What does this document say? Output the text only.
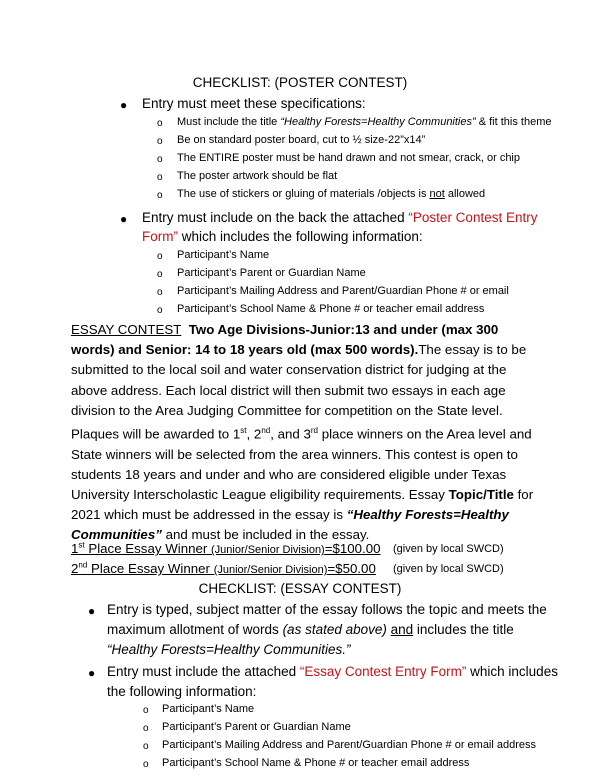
CHECKLIST: (POSTER CONTEST)
● Entry must meet these specifications:
o Must include the title “Healthy Forests=Healthy Communities” & fit this theme
o Be on standard poster board, cut to ½ size-22”x14”
o The ENTIRE poster must be hand drawn and not smear, crack, or chip
o The poster artwork should be flat
o The use of stickers or gluing of materials /objects is not allowed
● Entry must include on the back the attached “Poster Contest Entry
Form” which includes the following information:
o Participant’s Name
o Participant’s Parent or Guardian Name
o Participant’s Mailing Address and Parent/Guardian Phone # or email
o Participant’s School Name & Phone # or teacher email address

ESSAY CONTEST Two Age Divisions-Junior:13 and under (max 300 words) and Senior: 14 to 18 years old (max 500 words).The essay is to be submitted to the local soil and water conservation district for judging at the above address. Each local district will then submit two essays in each age division to the Area Judging Committee for competition on the State level. Plaques will be awarded to 1st, 2nd, and 3rd place winners on the Area level and State winners will be selected from the area winners. This contest is open to students 18 years and under and who are considered eligible under Texas University Interscholastic League eligibility requirements. Essay Topic/Title for 2021 which must be addressed in the essay is “Healthy Forests=Healthy Communities” and must be included in the essay.

1st Place Essay Winner (Junior/Senior Division)=$100.00 (given by local SWCD)
2nd Place Essay Winner (Junior/Senior Division)=$50.00 (given by local SWCD)
CHECKLIST: (ESSAY CONTEST)
● Entry is typed, subject matter of the essay follows the topic and meets the
maximum allotment of words (as stated above) and includes the title
“Healthy Forests=Healthy Communities.”
● Entry must include the attached “Essay Contest Entry Form” which includes
the following information:
o Participant’s Name
o Participant’s Parent or Guardian Name
o Participant’s Mailing Address and Parent/Guardian Phone # or email address
o Participant’s School Name & Phone # or teacher email address
